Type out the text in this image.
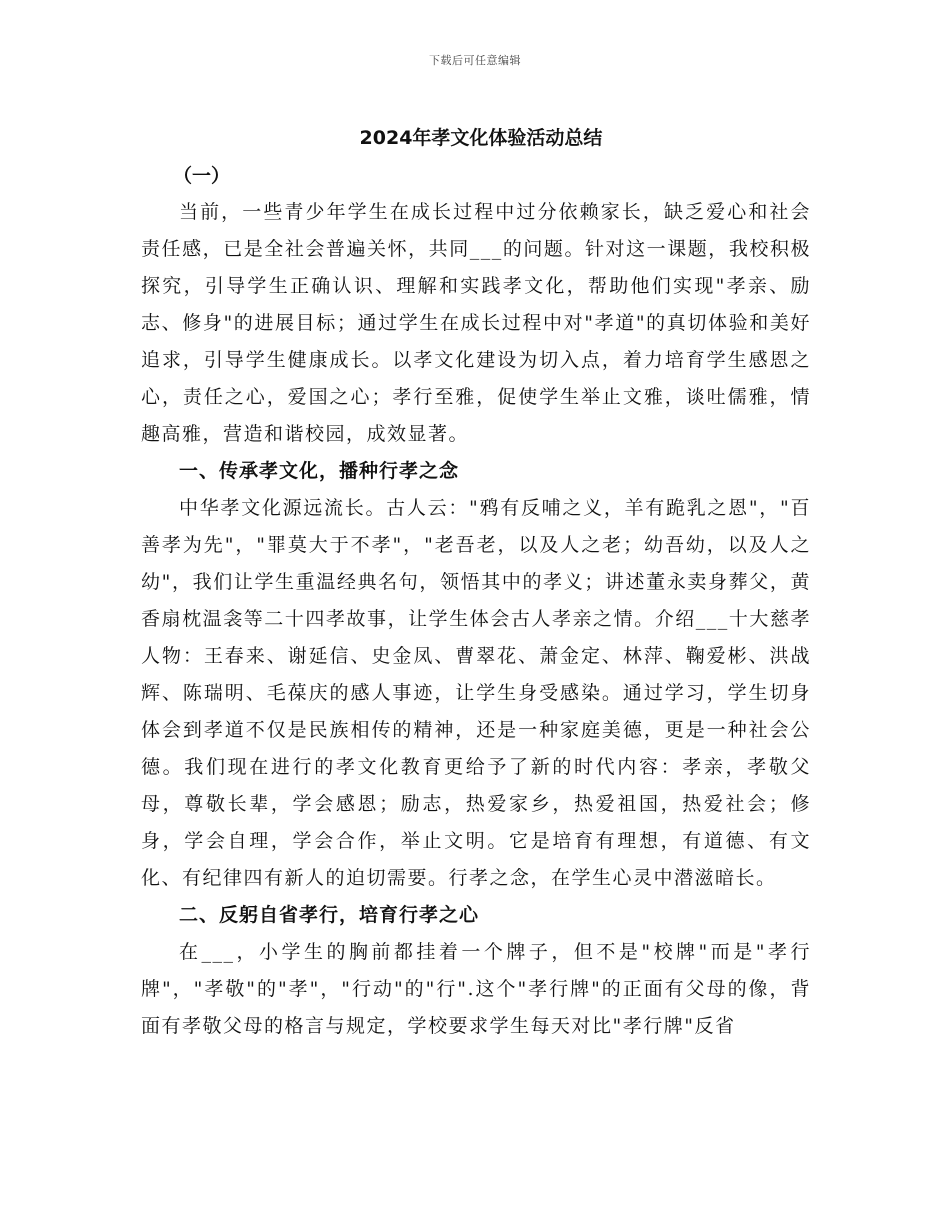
下载后可任意编辑
2024年孝文化体验活动总结
（一）

当前，一些青少年学生在成长过程中过分依赖家长，缺乏爱心和社会责任感，已是全社会普遍关怀，共同___的问题。针对这一课题，我校积极探究，引导学生正确认识、理解和实践孝文化，帮助他们实现"孝亲、励志、修身"的进展目标；通过学生在成长过程中对"孝道"的真切体验和美好追求，引导学生健康成长。以孝文化建设为切入点，着力培育学生感恩之心，责任之心，爱国之心；孝行至雅，促使学生举止文雅，谈吐儒雅，情趣高雅，营造和谐校园，成效显著。

一、传承孝文化，播种行孝之念

中华孝文化源远流长。古人云："鸦有反哺之义，羊有跪乳之恩"，"百善孝为先"，"罪莫大于不孝"，"老吾老，以及人之老；幼吾幼，以及人之幼"，我们让学生重温经典名句，领悟其中的孝义；讲述董永卖身葬父，黄香扇枕温衾等二十四孝故事，让学生体会古人孝亲之情。介绍___十大慈孝人物：王春来、谢延信、史金凤、曹翠花、萧金定、林萍、鞠爱彬、洪战辉、陈瑞明、毛葆庆的感人事迹，让学生身受感染。通过学习，学生切身体会到孝道不仅是民族相传的精神，还是一种家庭美德，更是一种社会公德。我们现在进行的孝文化教育更给予了新的时代内容：孝亲，孝敬父母，尊敬长辈，学会感恩；励志，热爱家乡，热爱祖国，热爱社会；修身，学会自理，学会合作，举止文明。它是培育有理想，有道德、有文化、有纪律四有新人的迫切需要。行孝之念，在学生心灵中潜滋暗长。

二、反躬自省孝行，培育行孝之心

在___，小学生的胸前都挂着一个牌子，但不是"校牌"而是"孝行牌"，"孝敬"的"孝"，"行动"的"行".这个"孝行牌"的正面有父母的像，背面有孝敬父母的格言与规定，学校要求学生每天对比"孝行牌"反省
